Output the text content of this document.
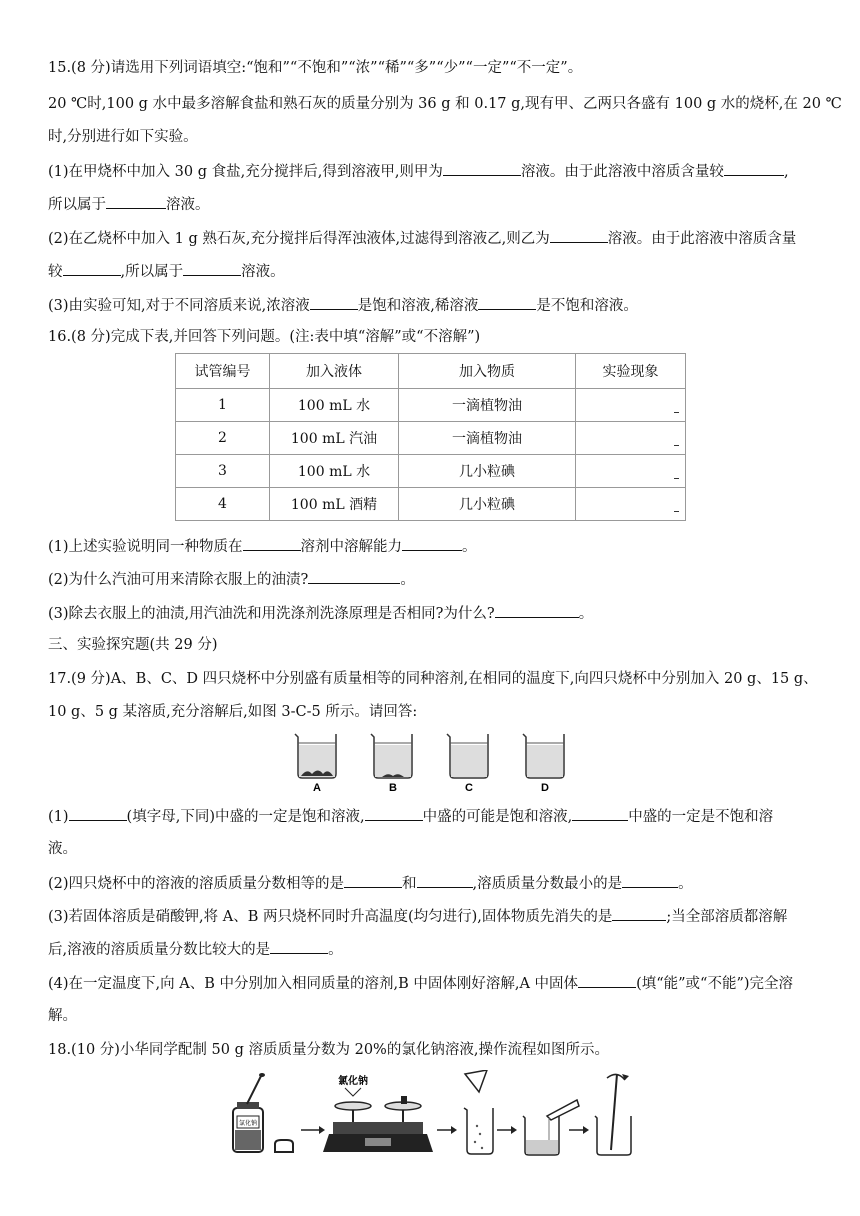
15.(8 分)请选用下列词语填空:“饱和”“不饱和”“浓”“稀”“多”“少”“一定”“不一定”。
20 ℃时,100 g 水中最多溶解食盐和熟石灰的质量分别为 36 g 和 0.17 g,现有甲、乙两只各盛有 100 g 水的烧杯,在 20 ℃
时,分别进行如下实验。
(1)在甲烧杯中加入 30 g 食盐,充分搅拌后,得到溶液甲,则甲为	溶液。由于此溶液中溶质含量较	,
所以属于	溶液。
(2)在乙烧杯中加入 1 g 熟石灰,充分搅拌后得浑浊液体,过滤得到溶液乙,则乙为	溶液。由于此溶液中溶质含量
较	,所以属于	溶液。
(3)由实验可知,对于不同溶质来说,浓溶液	是饱和溶液,稀溶液	是不饱和溶液。
16.(8 分)完成下表,并回答下列问题。(注:表中填“溶解”或“不溶解”)
试管编号	加入液体	加入物质	实验现象
1	100 mL 水	一滴植物油	

2	100 mL 汽油	一滴植物油	

3	100 mL 水	几小粒碘	

4	100 mL 酒精	几小粒碘	
(1)上述实验说明同一种物质在	溶剂中溶解能力	。
(2)为什么汽油可用来清除衣服上的油渍?	。
(3)除去衣服上的油渍,用汽油洗和用洗涤剂洗涤原理是否相同?为什么?	。
三、实验探究题(共 29 分)
17.(9 分)A、B、C、D 四只烧杯中分别盛有质量相等的同种溶剂,在相同的温度下,向四只烧杯中分别加入 20 g、15 g、
10 g、5 g 某溶质,充分溶解后,如图 3-C-5 所示。请回答:
A	B	C	D
(1)	(填字母,下同)中盛的一定是饱和溶液,	中盛的可能是饱和溶液,	中盛的一定是不饱和溶
液。
(2)四只烧杯中的溶液的溶质质量分数相等的是	和	,溶质质量分数最小的是	。
(3)若固体溶质是硝酸钾,将 A、B 两只烧杯同时升高温度(均匀进行),固体物质先消失的是	;当全部溶质都溶解
后,溶液的溶质质量分数比较大的是	。
(4)在一定温度下,向 A、B 中分别加入相同质量的溶剂,B 中固体刚好溶解,A 中固体	(填“能”或“不能”)完全溶
解。
18.(10 分)小华同学配制 50 g 溶质质量分数为 20%的氯化钠溶液,操作流程如图所示。
氯化钠
氯化钠
